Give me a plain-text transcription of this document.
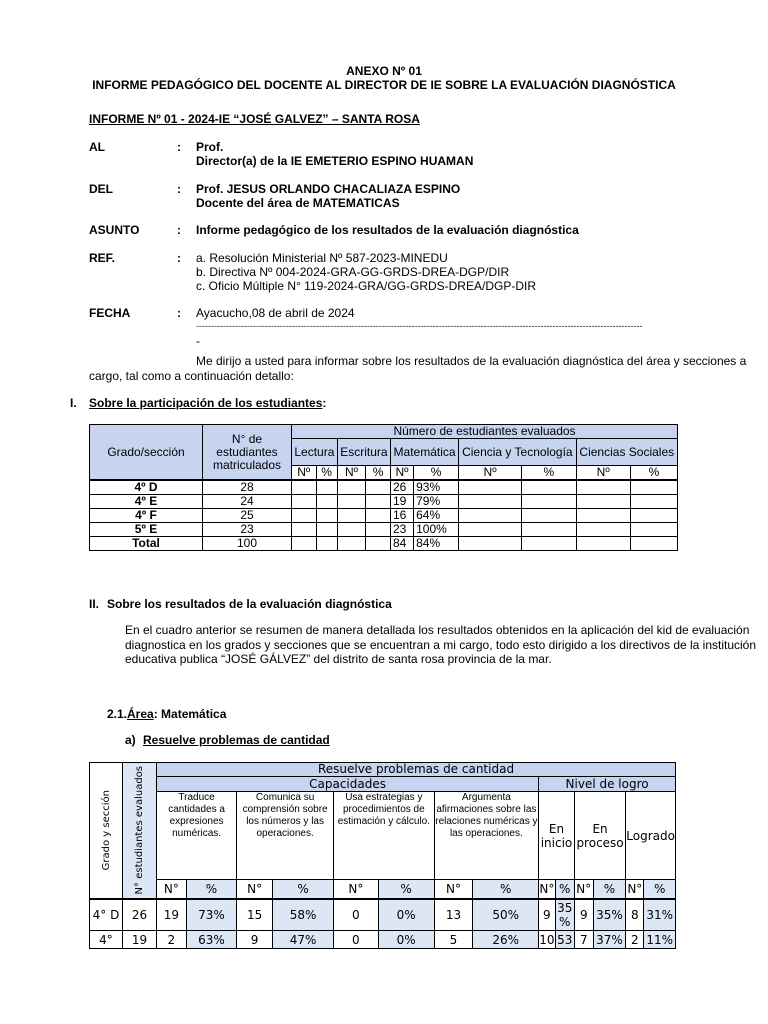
ANEXO Nº 01
INFORME PEDAGÓGICO DEL DOCENTE AL DIRECTOR DE IE SOBRE LA EVALUACIÓN DIAGNÓSTICA
INFORME Nº 01 - 2024-IE “JOSÉ GALVEZ” – SANTA ROSA
AL	: Prof.
Director(a) de la IE EMETERIO ESPINO HUAMAN
DEL	: Prof. JESUS ORLANDO CHACALIAZA ESPINO
Docente del área de MATEMATICAS
ASUNTO	: Informe pedagógico de los resultados de la evaluación diagnóstica
REF.	: a. Resolución Ministerial Nº 587-2023-MINEDU
b. Directiva Nº 004-2024-GRA-GG-GRDS-DREA-DGP/DIR
c. Oficio Múltiple N° 119-2024-GRA/GG-GRDS-DREA/DGP-DIR
FECHA	: Ayacucho,08 de abril de 2024
-----------------------------------------------------------------------------------------------------------------------------------------------------
-
Me dirijo a usted para informar sobre los resultados de la evaluación diagnóstica del área y secciones a
cargo, tal como a continuación detallo:
I. Sobre la participación de los estudiantes:
Grado/sección	N° de estudiantes matriculados	Número de estudiantes evaluados									
		Lectura		Escritura		Matemática		Ciencia y Tecnología		Ciencias Sociales	
		Nº	%	Nº	%	Nº	%	Nº	%	Nº	%
4º D	28					26	93%				
4º E	24					19	79%				
4º F	25					16	64%				
5º E	23					23	100%				
Total	100					84	84%				
II. Sobre los resultados de la evaluación diagnóstica
En el cuadro anterior se resumen de manera detallada los resultados obtenidos en la aplicación del kid de evaluación
diagnostica en los grados y secciones que se encuentran a mi cargo, todo esto dirigido a los directivos de la institución
educativa publica “JOSÉ GÁLVEZ” del distrito de santa rosa provincia de la mar.
2.1.Área: Matemática
a) Resuelve problemas de cantidad
Grado y sección	N° estudiantes evaluados	Resuelve problemas de cantidad													
		Capacidades								Nivel de logro					
		Traduce cantidades a expresiones numéricas.		Comunica su comprensión sobre los números y las operaciones.		Usa estrategias y procedimientos de estimación y cálculo.		Argumenta afirmaciones sobre las relaciones numéricas y las operaciones.		En inicio		En proceso		Logrado	
		N°	%	N°	%	N°	%	N°	%	N°	%	N°	%	N°	%
4° D	26	19	73%	15	58%	0	0%	13	50%	9	35 %	9	35%	8	31%
4°	19	2	63%	9	47%	0	0%	5	26%	10	53	7	37%	2	11%
